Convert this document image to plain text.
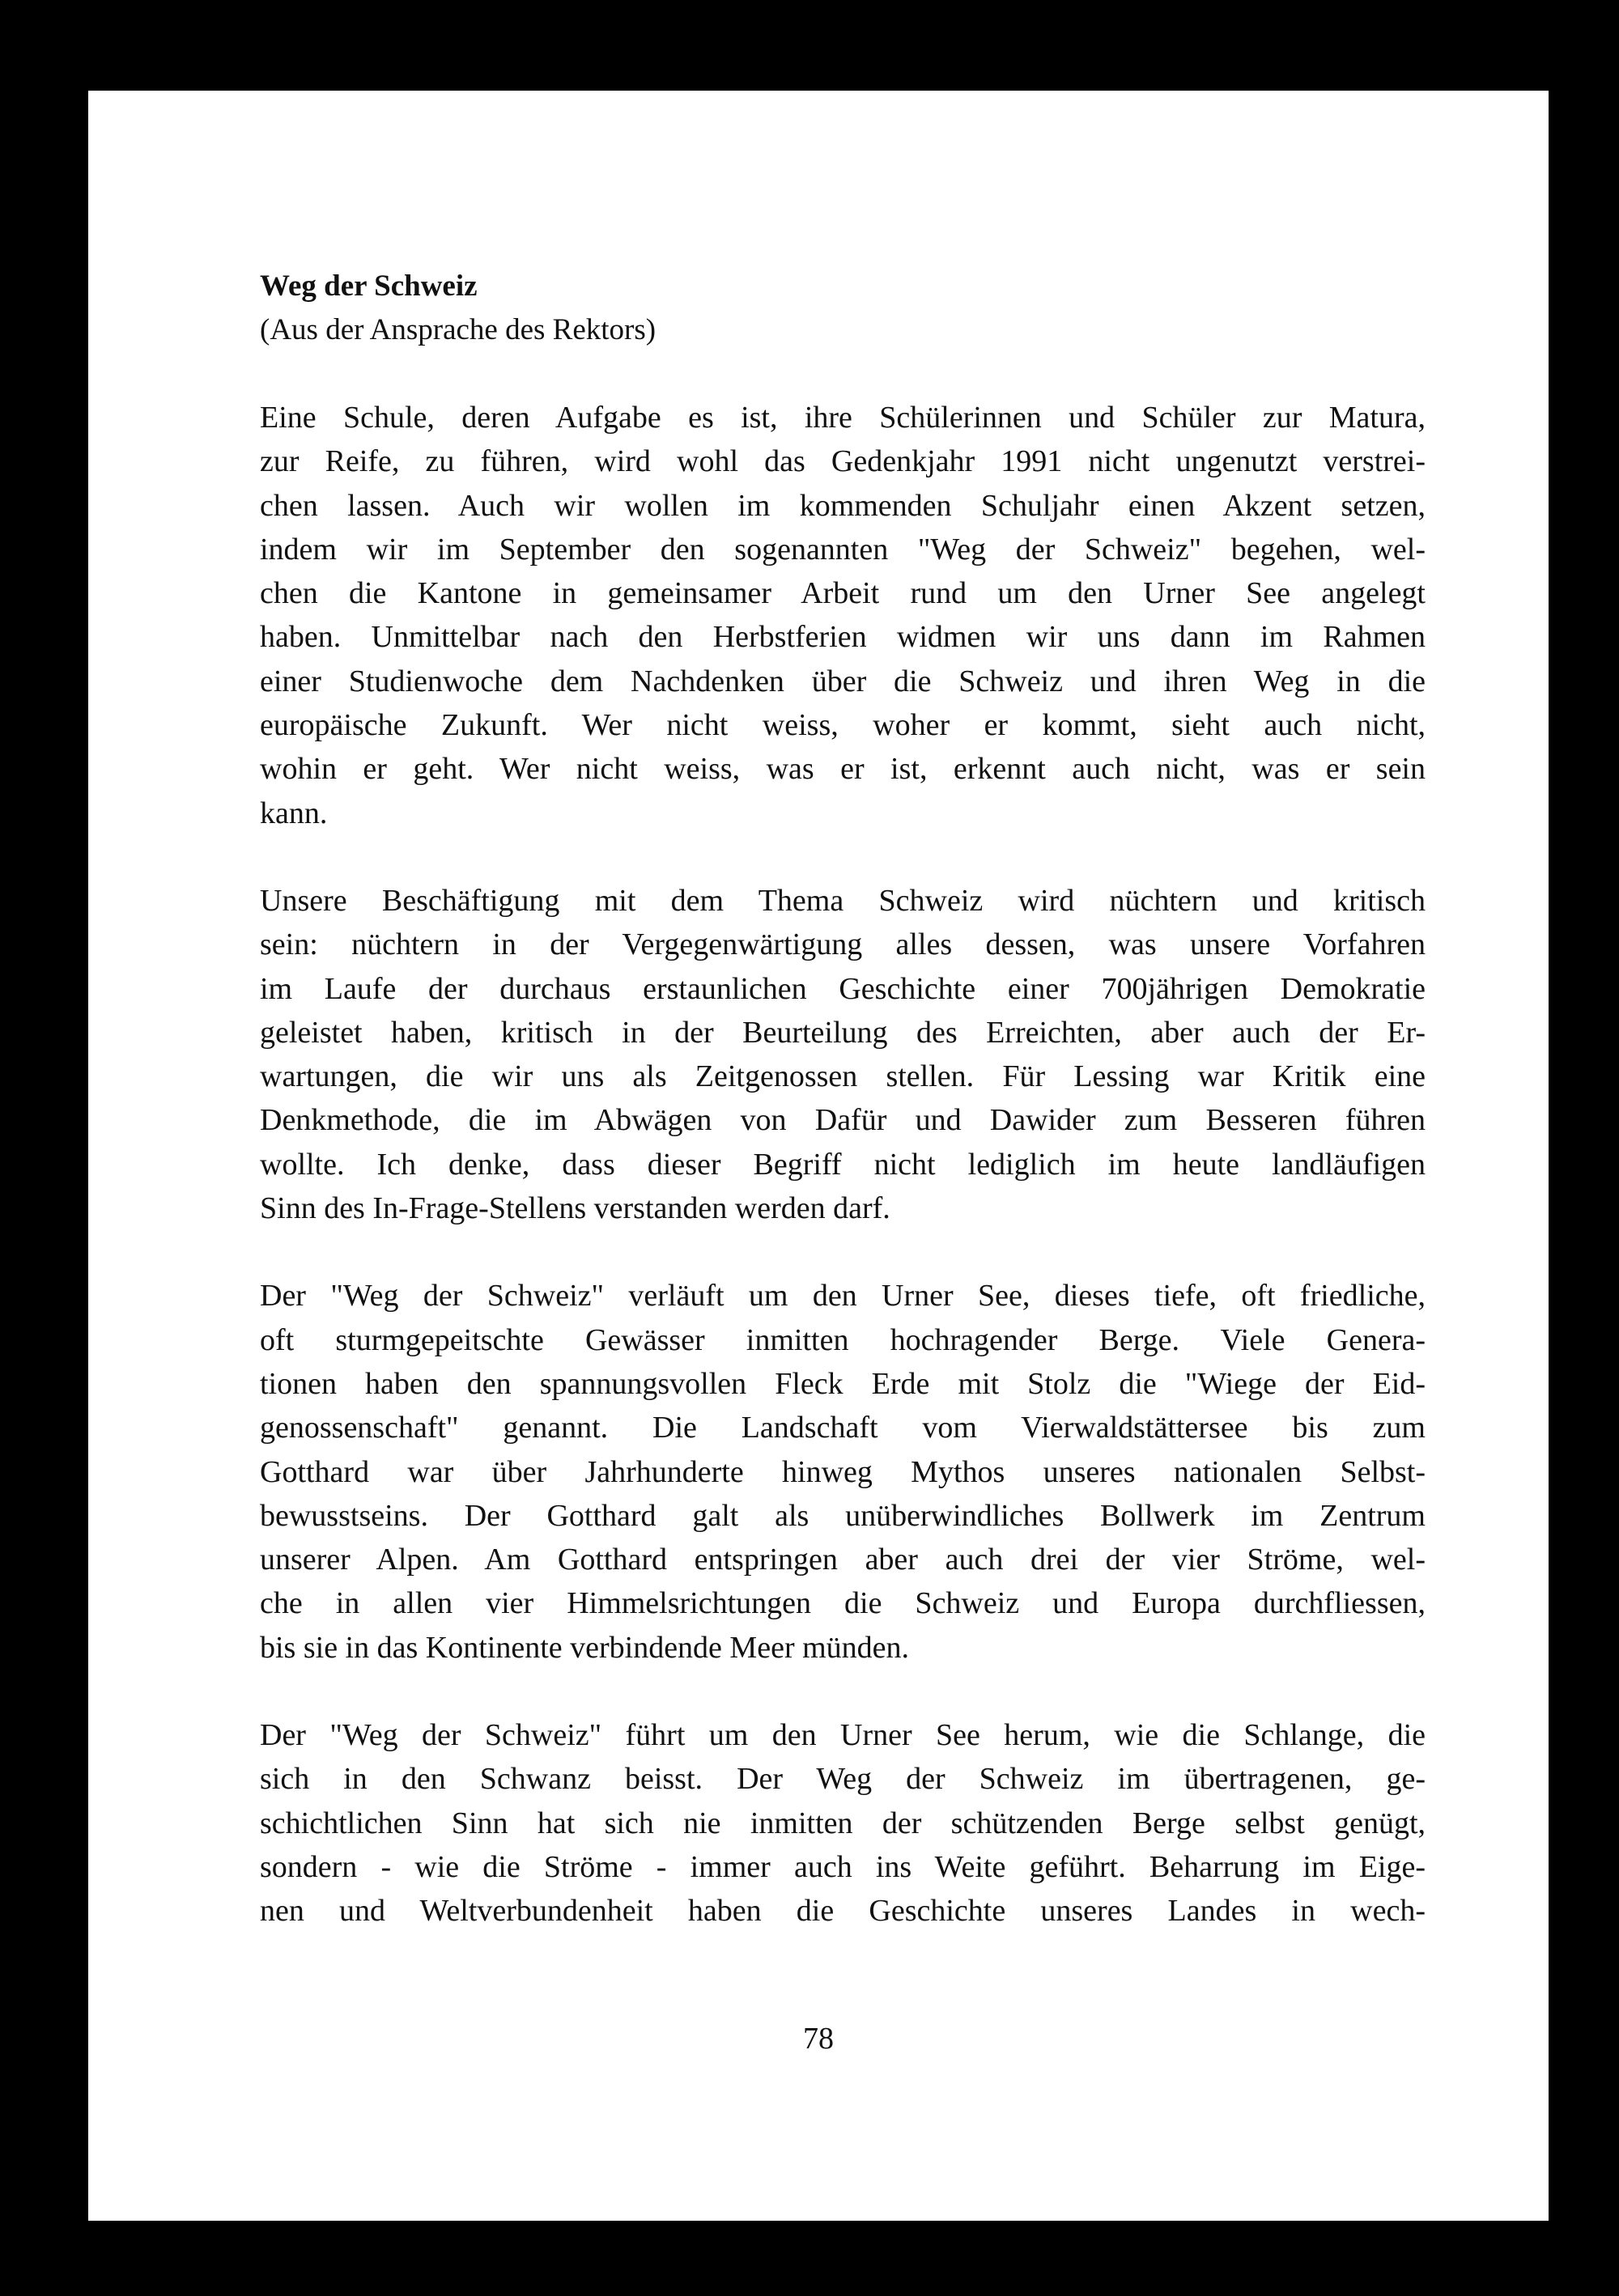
Weg der Schweiz

(Aus der Ansprache des Rektors)

Eine Schule, deren Aufgabe es ist, ihre Schülerinnen und Schüler zur Matura,
zur Reife, zu führen, wird wohl das Gedenkjahr 1991 nicht ungenutzt verstrei-
chen lassen. Auch wir wollen im kommenden Schuljahr einen Akzent setzen,
indem wir im September den sogenannten "Weg der Schweiz" begehen, wel-
chen die Kantone in gemeinsamer Arbeit rund um den Urner See angelegt
haben. Unmittelbar nach den Herbstferien widmen wir uns dann im Rahmen
einer Studienwoche dem Nachdenken über die Schweiz und ihren Weg in die
europäische Zukunft. Wer nicht weiss, woher er kommt, sieht auch nicht,
wohin er geht. Wer nicht weiss, was er ist, erkennt auch nicht, was er sein
kann.
Unsere Beschäftigung mit dem Thema Schweiz wird nüchtern und kritisch
sein: nüchtern in der Vergegenwärtigung alles dessen, was unsere Vorfahren
im Laufe der durchaus erstaunlichen Geschichte einer 700jährigen Demokratie
geleistet haben, kritisch in der Beurteilung des Erreichten, aber auch der Er-
wartungen, die wir uns als Zeitgenossen stellen. Für Lessing war Kritik eine
Denkmethode, die im Abwägen von Dafür und Dawider zum Besseren führen
wollte. Ich denke, dass dieser Begriff nicht lediglich im heute landläufigen
Sinn des In-Frage-Stellens verstanden werden darf.
Der "Weg der Schweiz" verläuft um den Urner See, dieses tiefe, oft friedliche,
oft sturmgepeitschte Gewässer inmitten hochragender Berge. Viele Genera-
tionen haben den spannungsvollen Fleck Erde mit Stolz die "Wiege der Eid-
genossenschaft" genannt. Die Landschaft vom Vierwaldstättersee bis zum
Gotthard war über Jahrhunderte hinweg Mythos unseres nationalen Selbst-
bewusstseins. Der Gotthard galt als unüberwindliches Bollwerk im Zentrum
unserer Alpen. Am Gotthard entspringen aber auch drei der vier Ströme, wel-
che in allen vier Himmelsrichtungen die Schweiz und Europa durchfliessen,
bis sie in das Kontinente verbindende Meer münden.
Der "Weg der Schweiz" führt um den Urner See herum, wie die Schlange, die
sich in den Schwanz beisst. Der Weg der Schweiz im übertragenen, ge-
schichtlichen Sinn hat sich nie inmitten der schützenden Berge selbst genügt,
sondern - wie die Ströme - immer auch ins Weite geführt. Beharrung im Eige-
nen und Weltverbundenheit haben die Geschichte unseres Landes in wech-
78
